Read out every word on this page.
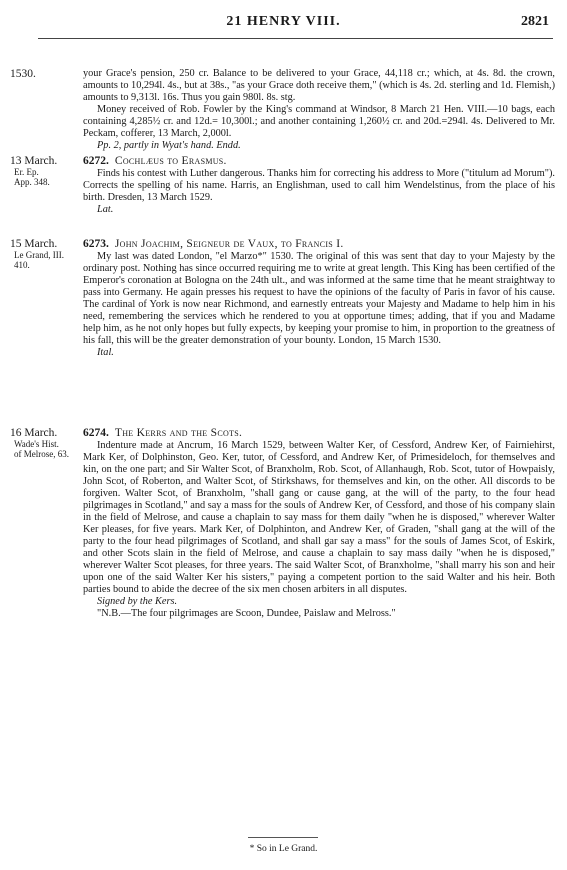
21 HENRY VIII.	2821
1530.	your Grace's pension, 250 cr. Balance to be delivered to your Grace, 44,118 cr.; which, at 4s. 8d. the crown, amounts to 10,294l. 4s., but at 38s., "as your Grace doth receive them," (which is 4s. 2d. sterling and 1d. Flemish,) amounts to 9,313l. 16s. Thus you gain 980l. 8s. stg.

Money received of Rob. Fowler by the King's command at Windsor, 8 March 21 Hen. VIII.—10 bags, each containing 4,285½ cr. and 12d.= 10,300l.; and another containing 1,260½ cr. and 20d.=294l. 4s. Delivered to Mr. Peckam, cofferer, 13 March, 2,000l.

Pp. 2, partly in Wyat's hand. Endd.

13 March.
Er. Ep.
App. 348.
6272. Cochlæus to Erasmus.

Finds his contest with Luther dangerous. Thanks him for correcting his address to More ("titulum ad Morum"). Corrects the spelling of his name. Harris, an Englishman, used to call him Wendelstinus, from the place of his birth. Dresden, 13 March 1529.

Lat.

15 March.
Le Grand, III.
410.
6273. John Joachim, Seigneur de Vaux, to Francis I.

My last was dated London, "el Marzo*" 1530. The original of this was sent that day to your Majesty by the ordinary post. Nothing has since occurred requiring me to write at great length. This King has been certified of the Emperor's coronation at Bologna on the 24th ult., and was informed at the same time that he meant straightway to pass into Germany. He again presses his request to have the opinions of the faculty of Paris in favor of his cause. The cardinal of York is now near Richmond, and earnestly entreats your Majesty and Madame to help him in his need, remembering the services which he rendered to you at opportune times; adding, that if you and Madame help him, as he not only hopes but fully expects, by keeping your promise to him, in proportion to the greatness of his fall, this will be the greater demonstration of your bounty. London, 15 March 1530.

Ital.

16 March.
Wade's Hist.
of Melrose, 63.
6274. The Kerrs and the Scots.

Indenture made at Ancrum, 16 March 1529, between Walter Ker, of Cessford, Andrew Ker, of Fairniehirst, Mark Ker, of Dolphinston, Geo. Ker, tutor, of Cessford, and Andrew Ker, of Primesideloch, for themselves and kin, on the one part; and Sir Walter Scot, of Branxholm, Rob. Scot, of Allanhaugh, Rob. Scot, tutor of Howpaisly, John Scot, of Roberton, and Walter Scot, of Stirkshaws, for themselves and kin, on the other. All discords to be forgiven. Walter Scot, of Branxholm, "shall gang or cause gang, at the will of the party, to the four head pilgrimages in Scotland," and say a mass for the souls of Andrew Ker, of Cessford, and those of his company slain in the field of Melrose, and cause a chaplain to say mass for them daily "when he is disposed," wherever Walter Ker pleases, for five years. Mark Ker, of Dolphinton, and Andrew Ker, of Graden, "shall gang at the will of the party to the four head pilgrimages of Scotland, and shall gar say a mass" for the souls of James Scot, of Eskirk, and other Scots slain in the field of Melrose, and cause a chaplain to say mass daily "when he is disposed," wherever Walter Scot pleases, for three years. The said Walter Scot, of Branxholme, "shall marry his son and heir upon one of the said Walter Ker his sisters," paying a competent portion to the said Walter and his heir. Both parties bound to abide the decree of the six men chosen arbiters in all disputes.

Signed by the Kers.

"N.B.—The four pilgrimages are Scoon, Dundee, Paislaw and Melross."

* So in Le Grand.
